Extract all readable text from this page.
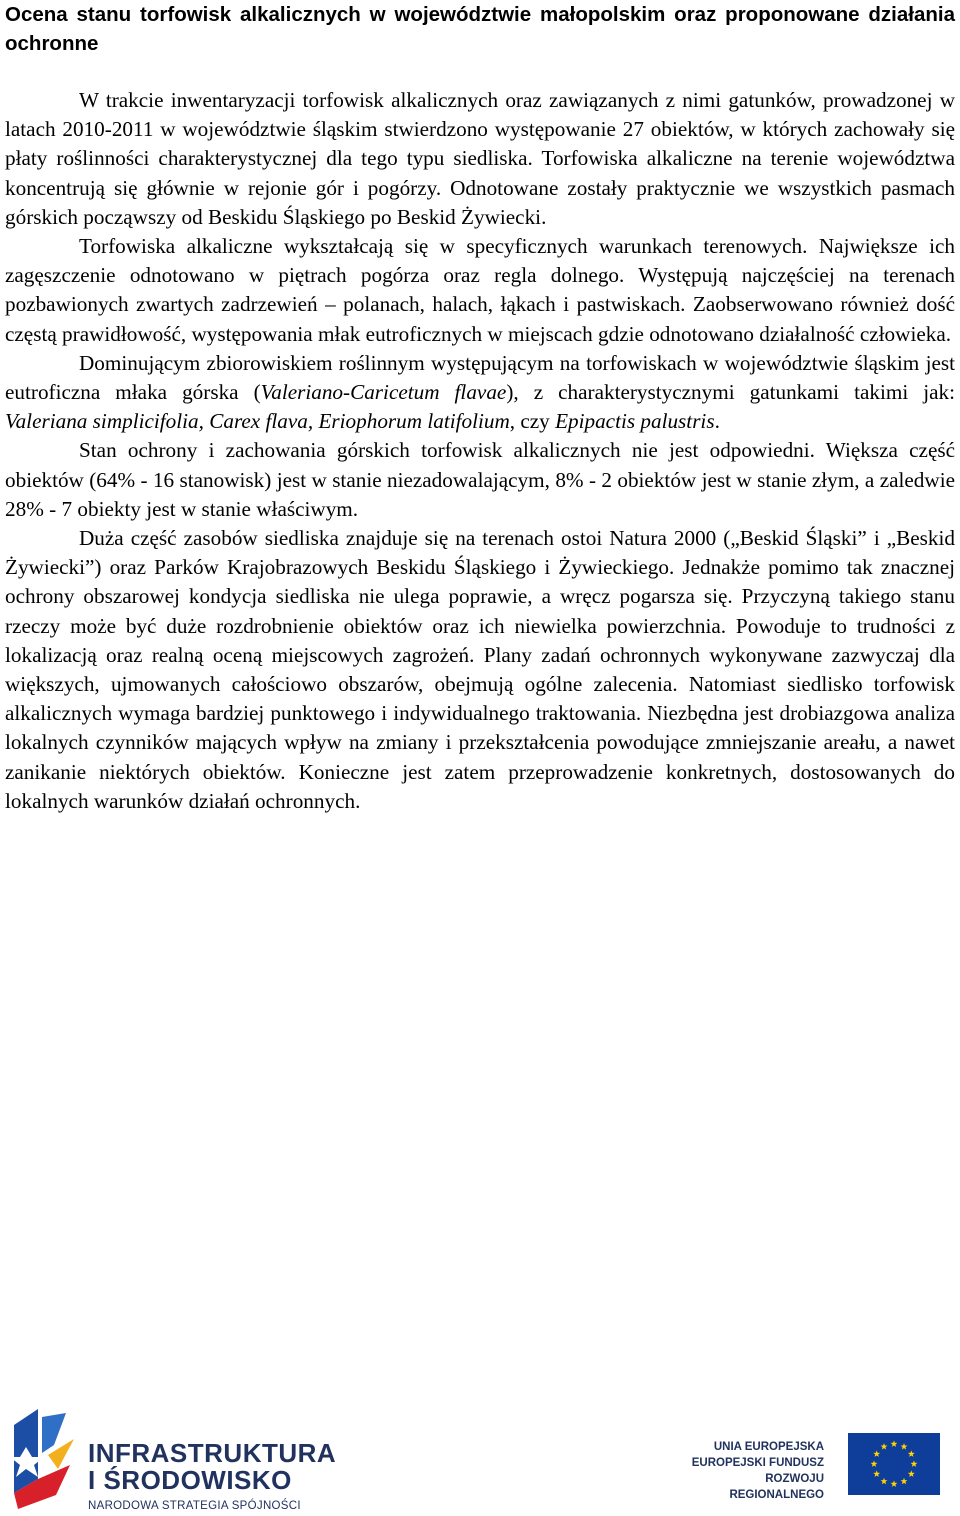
Ocena stanu torfowisk alkalicznych w województwie małopolskim oraz proponowane działania ochronne

W trakcie inwentaryzacji torfowisk alkalicznych oraz zawiązanych z nimi gatunków, prowadzonej w latach 2010-2011 w województwie śląskim stwierdzono występowanie 27 obiektów, w których zachowały się płaty roślinności charakterystycznej dla tego typu siedliska. Torfowiska alkaliczne na terenie województwa koncentrują się głównie w rejonie gór i pogórzy. Odnotowane zostały praktycznie we wszystkich pasmach górskich począwszy od Beskidu Śląskiego po Beskid Żywiecki.

Torfowiska alkaliczne wykształcają się w specyficznych warunkach terenowych. Największe ich zagęszczenie odnotowano w piętrach pogórza oraz regla dolnego. Występują najczęściej na terenach pozbawionych zwartych zadrzewień – polanach, halach, łąkach i pastwiskach. Zaobserwowano również dość częstą prawidłowość, występowania młak eutroficznych w miejscach gdzie odnotowano działalność człowieka.

Dominującym zbiorowiskiem roślinnym występującym na torfowiskach w województwie śląskim jest eutroficzna młaka górska (Valeriano-Caricetum flavae), z charakterystycznymi gatunkami takimi jak: Valeriana simplicifolia, Carex flava, Eriophorum latifolium, czy Epipactis palustris.

Stan ochrony i zachowania górskich torfowisk alkalicznych nie jest odpowiedni. Większa część obiektów (64% - 16 stanowisk) jest w stanie niezadowalającym, 8% - 2 obiektów jest w stanie złym, a zaledwie 28% - 7 obiekty jest w stanie właściwym.

Duża część zasobów siedliska znajduje się na terenach ostoi Natura 2000 („Beskid Śląski” i „Beskid Żywiecki”) oraz Parków Krajobrazowych Beskidu Śląskiego i Żywieckiego. Jednakże pomimo tak znacznej ochrony obszarowej kondycja siedliska nie ulega poprawie, a wręcz pogarsza się. Przyczyną takiego stanu rzeczy może być duże rozdrobnienie obiektów oraz ich niewielka powierzchnia. Powoduje to trudności z lokalizacją oraz realną oceną miejscowych zagrożeń. Plany zadań ochronnych wykonywane zazwyczaj dla większych, ujmowanych całościowo obszarów, obejmują ogólne zalecenia. Natomiast siedlisko torfowisk alkalicznych wymaga bardziej punktowego i indywidualnego traktowania. Niezbędna jest drobiazgowa analiza lokalnych czynników mających wpływ na zmiany i przekształcenia powodujące zmniejszanie areału, a nawet zanikanie niektórych obiektów. Konieczne jest zatem przeprowadzenie konkretnych, dostosowanych do lokalnych warunków działań ochronnych.

INFRASTRUKTURA
I ŚRODOWISKO
NARODOWA STRATEGIA SPÓJNOŚCI
UNIA EUROPEJSKA
EUROPEJSKI FUNDUSZ
ROZWOJU REGIONALNEGO
